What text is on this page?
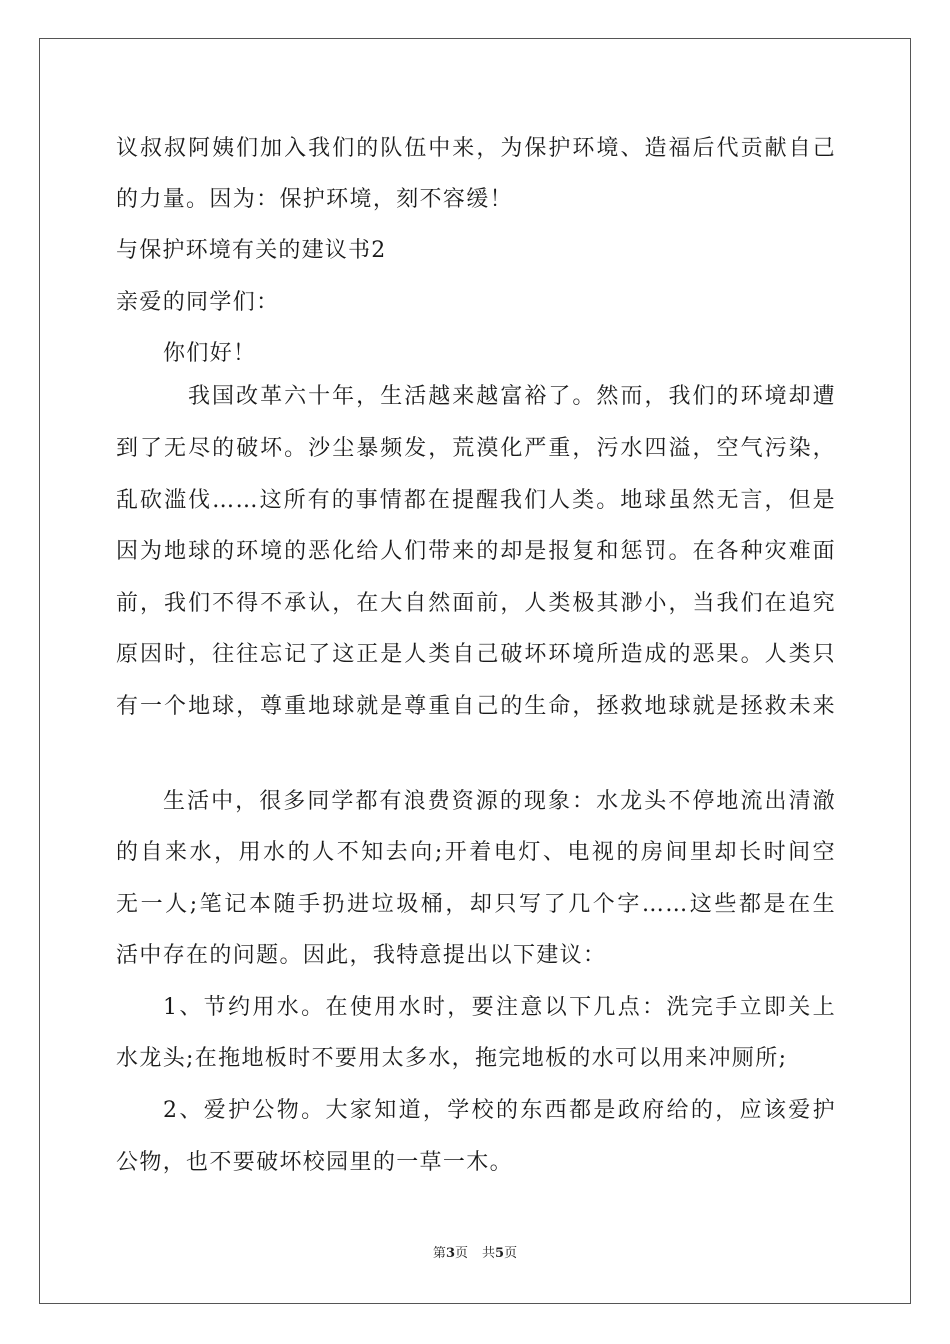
议叔叔阿姨们加入我们的队伍中来，为保护环境、造福后代贡献自己
的力量。因为：保护环境，刻不容缓！
与保护环境有关的建议书2
亲爱的同学们：
你们好！
我国改革六十年，生活越来越富裕了。然而，我们的环境却遭
到了无尽的破坏。沙尘暴频发，荒漠化严重，污水四溢，空气污染，
乱砍滥伐……这所有的事情都在提醒我们人类。地球虽然无言，但是
因为地球的环境的恶化给人们带来的却是报复和惩罚。在各种灾难面
前，我们不得不承认，在大自然面前，人类极其渺小，当我们在追究
原因时，往往忘记了这正是人类自己破坏环境所造成的恶果。人类只
有一个地球，尊重地球就是尊重自己的生命，拯救地球就是拯救未来
生活中，很多同学都有浪费资源的现象：水龙头不停地流出清澈
的自来水，用水的人不知去向;开着电灯、电视的房间里却长时间空
无一人;笔记本随手扔进垃圾桶，却只写了几个字……这些都是在生
活中存在的问题。因此，我特意提出以下建议：
1、节约用水。在使用水时，要注意以下几点：洗完手立即关上
水龙头;在拖地板时不要用太多水，拖完地板的水可以用来冲厕所;
2、爱护公物。大家知道，学校的东西都是政府给的，应该爱护
公物，也不要破坏校园里的一草一木。
第3页 共5页
